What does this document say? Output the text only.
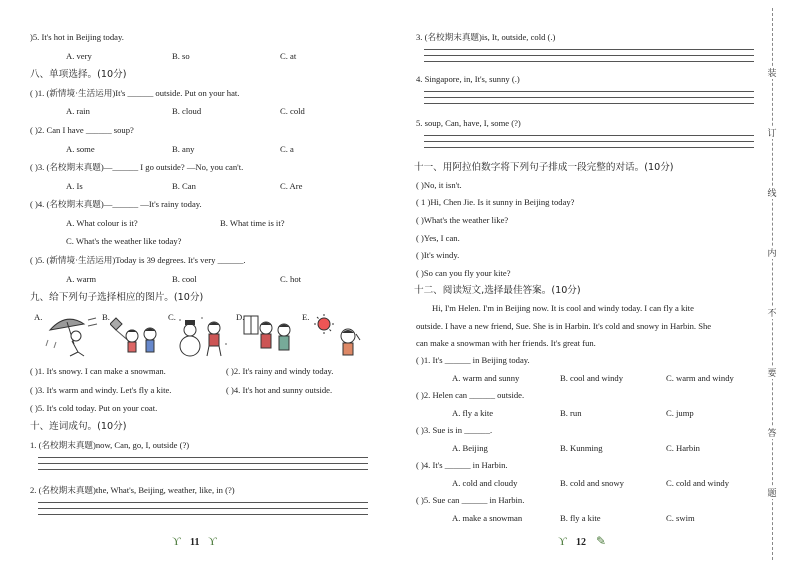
)5. It's hot in Beijing today.
A. very	B. so	C. at
八、单项选择。(10分)
( )1. (新情境·生活运用)It's ______ outside. Put on your hat.
A. rain	B. cloud	C. cold
( )2. Can I have ______ soup?
A. some	B. any	C. a
( )3. (名校期末真题)—______ I go outside? —No, you can't.
A. Is	B. Can	C. Are
( )4. (名校期末真题)—______ —It's rainy today.
A. What colour is it?	B. What time is it?
C. What's the weather like today?
( )5. (新情境·生活运用)Today is 39 degrees. It's very ______.
A. warm	B. cool	C. hot
九、给下列句子选择相应的图片。(10分)
A.	B.	C.	D.	E.
( )1. It's snowy. I can make a snowman.	( )2. It's rainy and windy today.
( )3. It's warm and windy. Let's fly a kite.	( )4. It's hot and sunny outside.
( )5. It's cold today. Put on your coat.
十、连词成句。(10分)
1. (名校期末真题)now, Can, go, I, outside (?)
2. (名校期末真题)the, What's, Beijing, weather, like, in (?)
ϒ 11 ϒ
3. (名校期末真题)is, It, outside, cold (.)
4. Singapore, in, It's, sunny (.)
5. soup, Can, have, I, some (?)
十一、用阿拉伯数字将下列句子排成一段完整的对话。(10分)
( )No, it isn't.
( 1 )Hi, Chen Jie. Is it sunny in Beijing today?
( )What's the weather like?
( )Yes, I can.
( )It's windy.
( )So can you fly your kite?
十二、阅读短文,选择最佳答案。(10分)
Hi, I'm Helen. I'm in Beijing now. It is cool and windy today. I can fly a kite
outside. I have a new friend, Sue. She is in Harbin. It's cold and snowy in Harbin. She
can make a snowman with her friends. It's great fun.
( )1. It's ______ in Beijing today.
A. warm and sunny	B. cool and windy	C. warm and windy
( )2. Helen can ______ outside.
A. fly a kite	B. run	C. jump
( )3. Sue is in ______.
A. Beijing	B. Kunming	C. Harbin
( )4. It's ______ in Harbin.
A. cold and cloudy	B. cold and snowy	C. cold and windy
( )5. Sue can ______ in Harbin.
A. make a snowman	B. fly a kite	C. swim
ϒ 12 ✎
装
订
线
内
不
要
答
题
